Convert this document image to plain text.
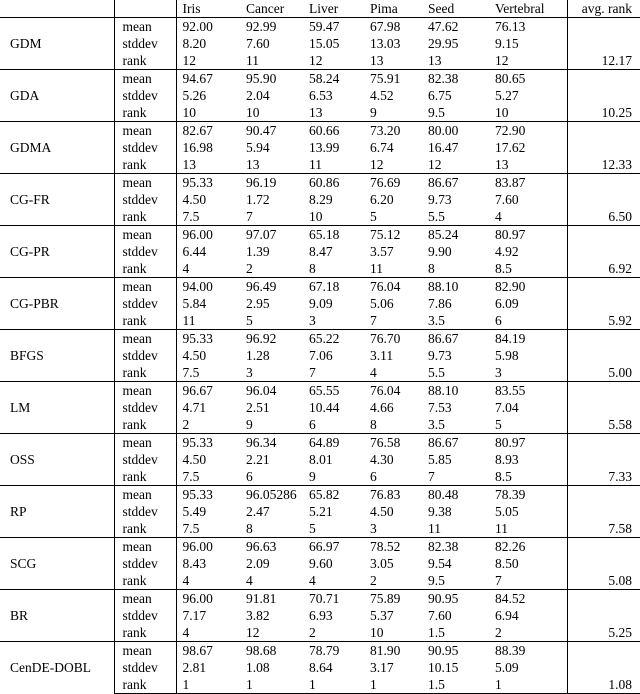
		Iris	Cancer	Liver	Pima	Seed	Vertebral	avg. rank
GDM	mean	92.00	92.99	59.47	67.98	47.62	76.13	
	stddev	8.20	7.60	15.05	13.03	29.95	9.15	
	rank	12	11	12	13	13	12	12.17
GDA	mean	94.67	95.90	58.24	75.91	82.38	80.65	
	stddev	5.26	2.04	6.53	4.52	6.75	5.27	
	rank	10	10	13	9	9.5	10	10.25
GDMA	mean	82.67	90.47	60.66	73.20	80.00	72.90	
	stddev	16.98	5.94	13.99	6.74	16.47	17.62	
	rank	13	13	11	12	12	13	12.33
CG-FR	mean	95.33	96.19	60.86	76.69	86.67	83.87	
	stddev	4.50	1.72	8.29	6.20	9.73	7.60	
	rank	7.5	7	10	5	5.5	4	6.50
CG-PR	mean	96.00	97.07	65.18	75.12	85.24	80.97	
	stddev	6.44	1.39	8.47	3.57	9.90	4.92	
	rank	4	2	8	11	8	8.5	6.92
CG-PBR	mean	94.00	96.49	67.18	76.04	88.10	82.90	
	stddev	5.84	2.95	9.09	5.06	7.86	6.09	
	rank	11	5	3	7	3.5	6	5.92
BFGS	mean	95.33	96.92	65.22	76.70	86.67	84.19	
	stddev	4.50	1.28	7.06	3.11	9.73	5.98	
	rank	7.5	3	7	4	5.5	3	5.00
LM	mean	96.67	96.04	65.55	76.04	88.10	83.55	
	stddev	4.71	2.51	10.44	4.66	7.53	7.04	
	rank	2	9	6	8	3.5	5	5.58
OSS	mean	95.33	96.34	64.89	76.58	86.67	80.97	
	stddev	4.50	2.21	8.01	4.30	5.85	8.93	
	rank	7.5	6	9	6	7	8.5	7.33
RP	mean	95.33	96.05286	65.82	76.83	80.48	78.39	
	stddev	5.49	2.47	5.21	4.50	9.38	5.05	
	rank	7.5	8	5	3	11	11	7.58
SCG	mean	96.00	96.63	66.97	78.52	82.38	82.26	
	stddev	8.43	2.09	9.60	3.05	9.54	8.50	
	rank	4	4	4	2	9.5	7	5.08
BR	mean	96.00	91.81	70.71	75.89	90.95	84.52	
	stddev	7.17	3.82	6.93	5.37	7.60	6.94	
	rank	4	12	2	10	1.5	2	5.25
CenDE-DOBL	mean	98.67	98.68	78.79	81.90	90.95	88.39	
	stddev	2.81	1.08	8.64	3.17	10.15	5.09	
	rank	1	1	1	1	1.5	1	1.08
